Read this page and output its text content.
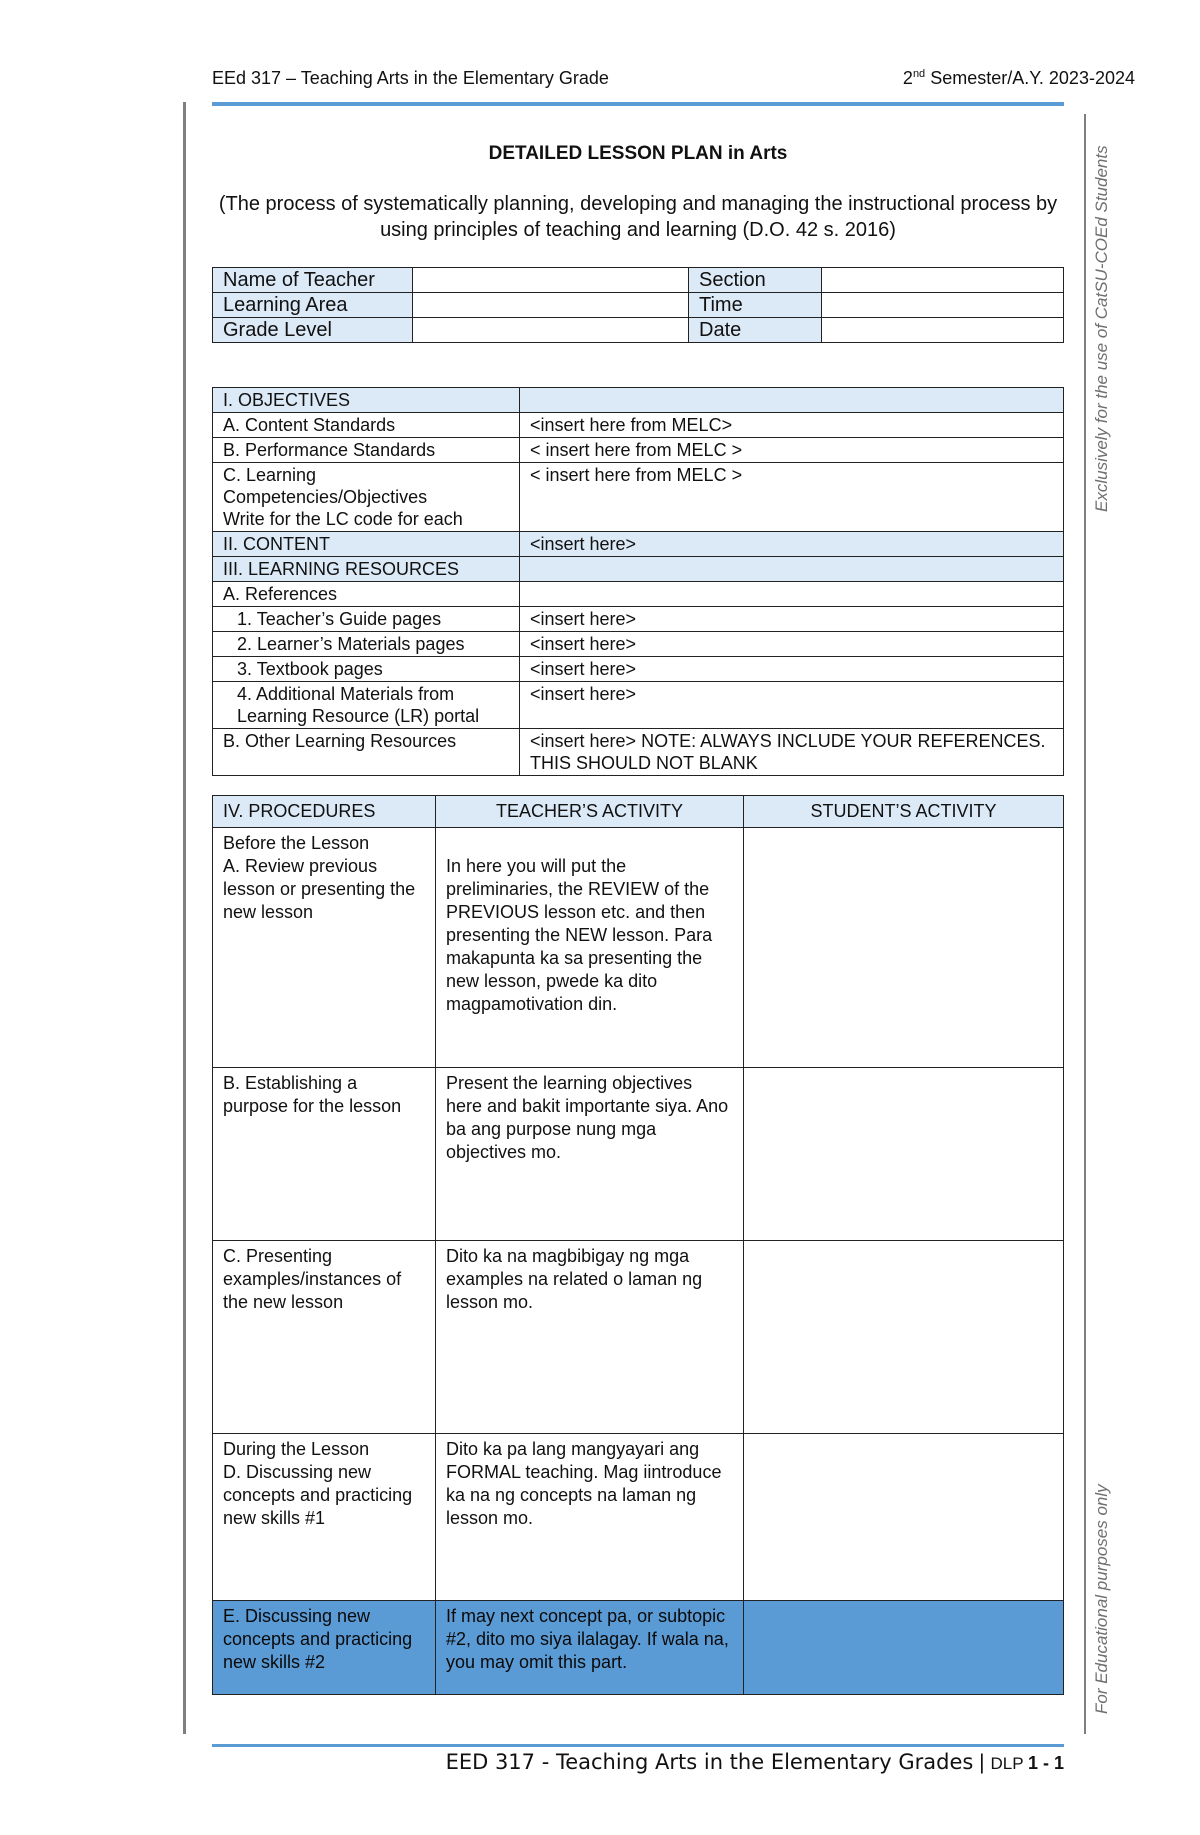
EEd 317 – Teaching Arts in the Elementary Grade	2nd Semester/A.Y. 2023-2024
Exclusively for the use of CatSU-COEd Students
For Educational purposes only
DETAILED LESSON PLAN in Arts
(The process of systematically planning, developing and managing the instructional process by using principles of teaching and learning (D.O. 42 s. 2016)
Name of Teacher		Section	
Learning Area		Time	
Grade Level		Date	
I. OBJECTIVES	
A. Content Standards	<insert here from MELC>
B. Performance Standards	< insert here from MELC >

C. Learning Competencies/Objectives
Write for the LC code for each	< insert here from MELC >
II. CONTENT	<insert here>
III. LEARNING RESOURCES	
A. References	
1. Teacher’s Guide pages	<insert here>
2. Learner’s Materials pages	<insert here>
3. Textbook pages	<insert here>
4. Additional Materials from Learning Resource (LR) portal	<insert here>
B. Other Learning Resources	<insert here> NOTE: ALWAYS INCLUDE YOUR REFERENCES. THIS SHOULD NOT BLANK
IV. PROCEDURES	TEACHER’S ACTIVITY	STUDENT’S ACTIVITY

Before the Lesson
A. Review previous lesson or presenting the new lesson	In here you will put the preliminaries, the REVIEW of the PREVIOUS lesson etc. and then presenting the NEW lesson. Para makapunta ka sa presenting the new lesson, pwede ka dito magpamotivation din.	

B. Establishing a purpose for the lesson	Present the learning objectives here and bakit importante siya. Ano ba ang purpose nung mga objectives mo.	
C. Presenting examples/instances of the new lesson	Dito ka na magbibigay ng mga examples na related o laman ng lesson mo.	

During the Lesson
D. Discussing new concepts and practicing new skills #1	Dito ka pa lang mangyayari ang FORMAL teaching. Mag iintroduce ka na ng concepts na laman ng lesson mo.	
E. Discussing new concepts and practicing new skills #2	If may next concept pa, or subtopic #2, dito mo siya ilalagay. If wala na, you may omit this part.	
EED 317 - Teaching Arts in the Elementary Grades | DLP 1 - 1
